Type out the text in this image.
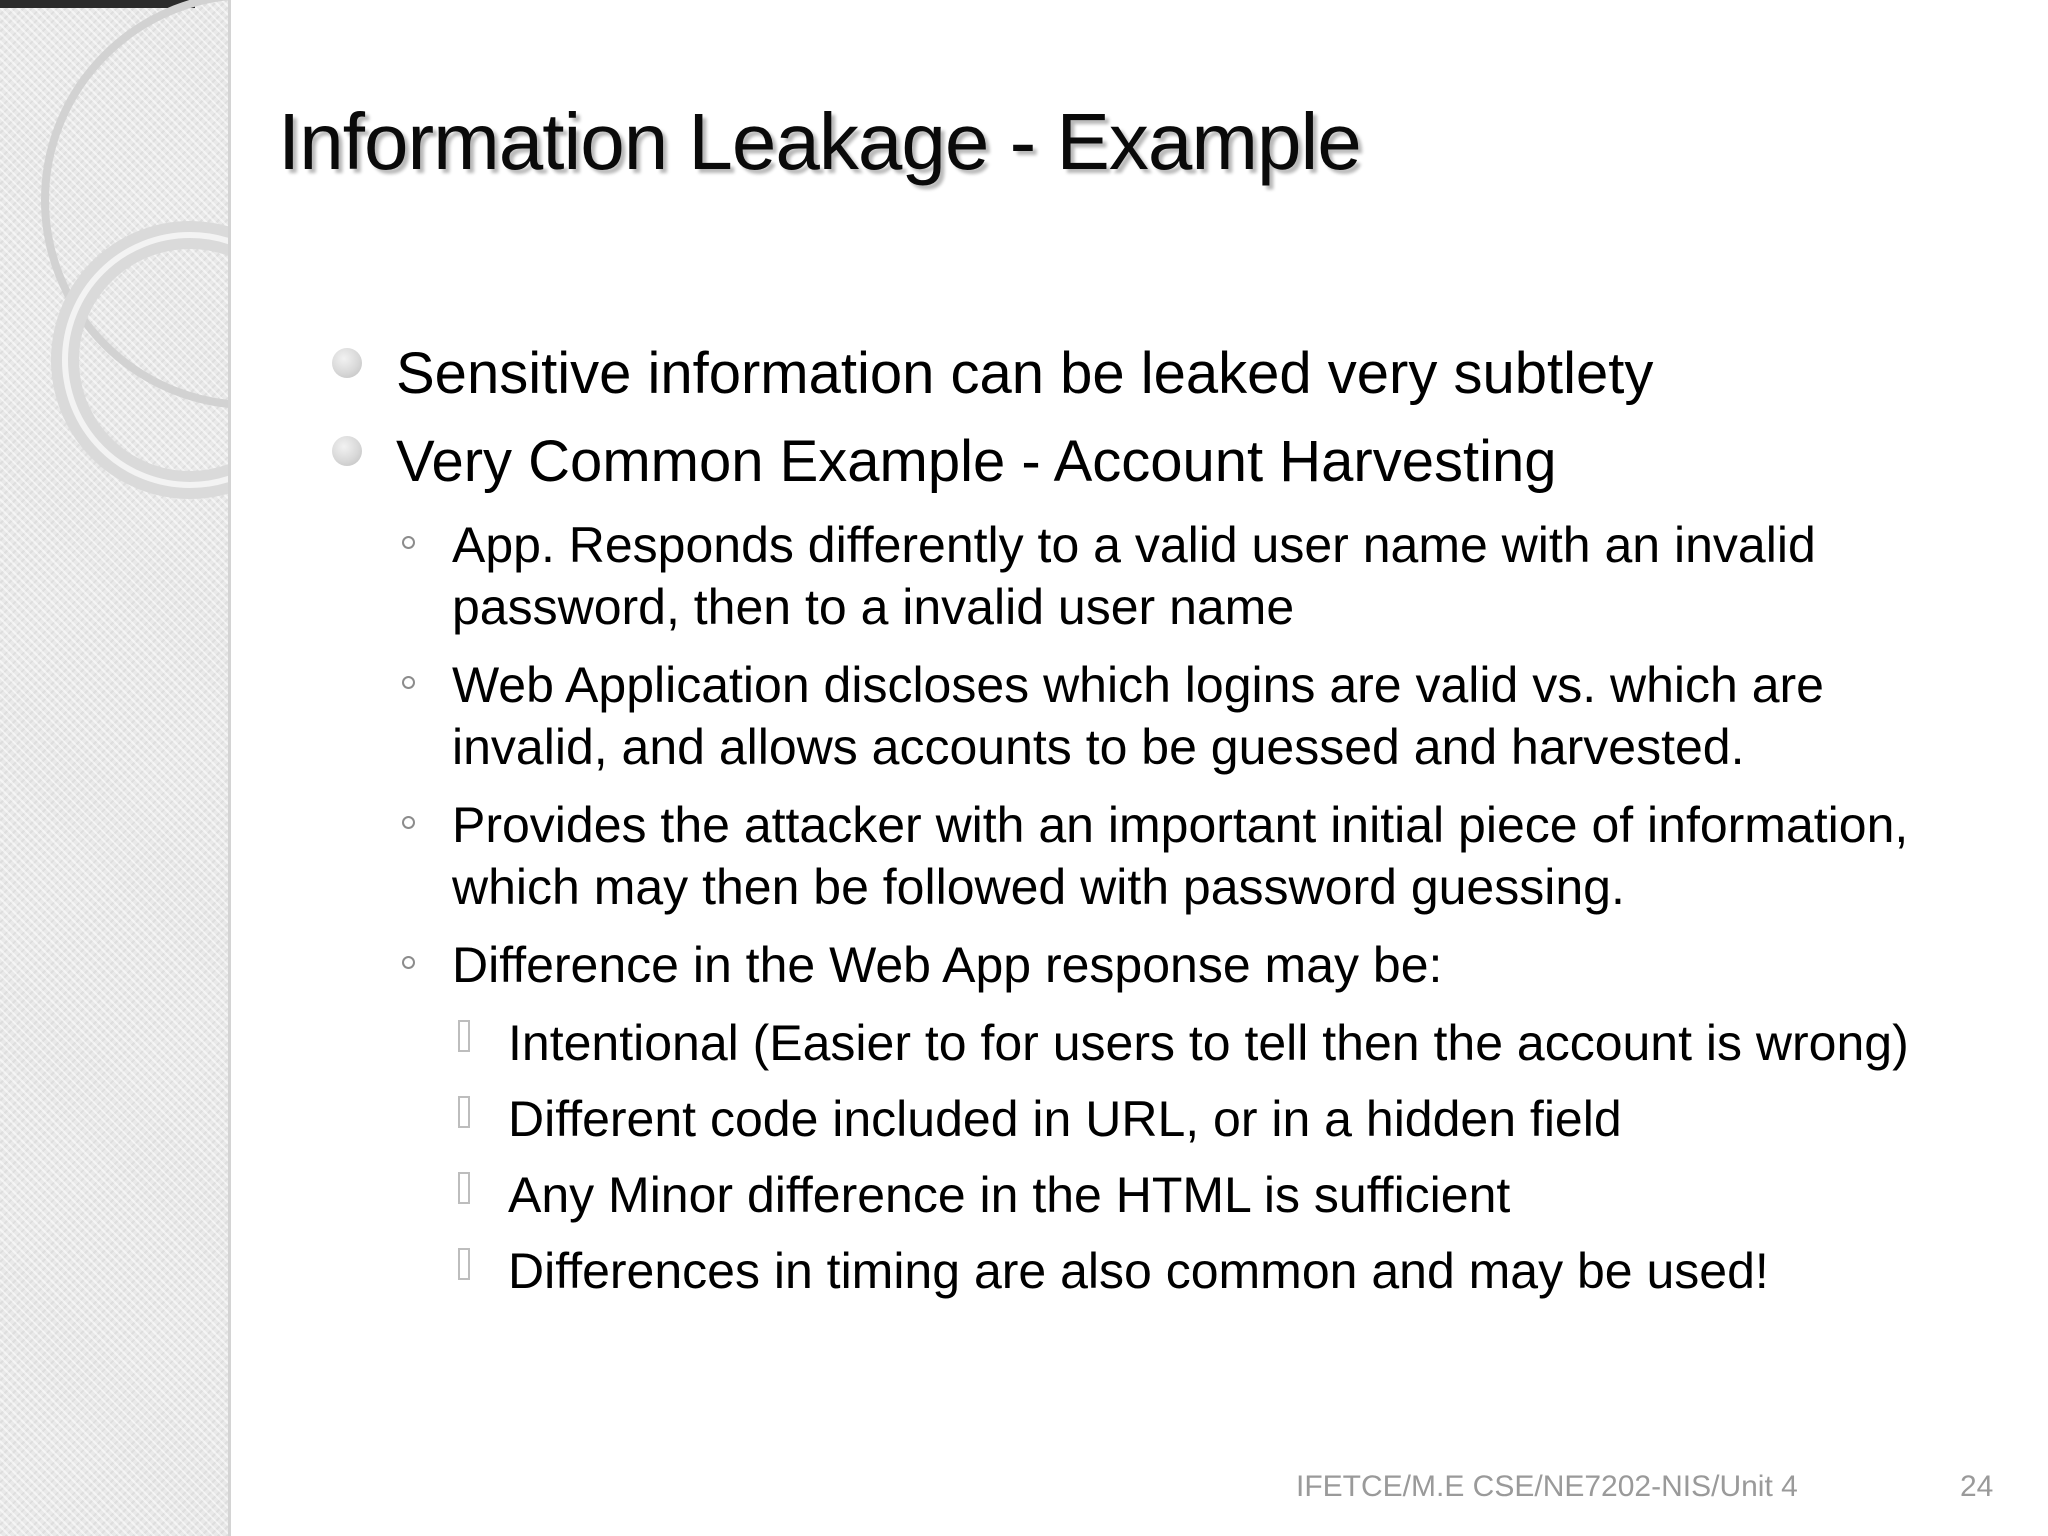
Information Leakage - Example
Sensitive information can be leaked very subtlety
Very Common Example - Account Harvesting
App. Responds differently to a valid user name with an invalid password, then to a invalid user name
Web Application discloses which logins are valid vs. which are invalid, and allows accounts to be guessed and harvested.
Provides the attacker with an important initial piece of information, which may then be followed with password guessing.
Difference in the Web App response may be:
Intentional (Easier to for users to tell then the account is wrong)
Different code included in URL, or in a hidden field
Any Minor difference in the HTML is sufficient
Differences in timing are also common and may be used!
IFETCE/M.E CSE/NE7202-NIS/Unit 4	24
